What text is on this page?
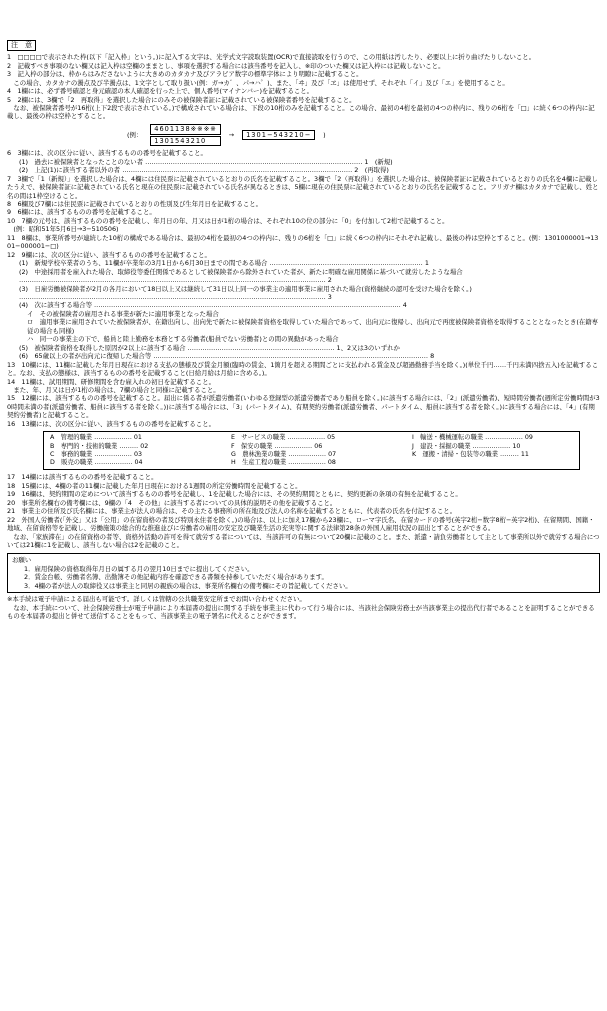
注　意

1　□□□□で表示された枠(以下「記入枠」という。)に記入する文字は、光学式文字読取装置(OCR)で直接読取を行うので、この用紙は汚したり、必要以上に折り曲げたりしないこと。

2　記載すべき事項のない欄又は記入枠は空欄のままとし、事項を選択する場合には該当番号を記入し、※印のついた欄又は記入枠には記載しないこと。

3　記入枠の部分は、枠からはみださないように大きめのカタカナ及びアラビア数字の標準字体により明瞭に記載すること。
　この場合、カタカナの濁点及び半濁点は、1文字として取り扱い(例：ガ→カ゛、パ→ハ゜)、また、「ヰ」及び「ヱ」は使用せず、それぞれ「イ」及び「エ」を使用すること。

4　1欄には、必ず番号確認と身元確認の本人確認を行った上で、個人番号(マイナンバー)を記載すること。

5　2欄には、3欄で「2　再取得」を選択した場合にのみその被保険者証に記載されている被保険者番号を記載すること。
　なお、被保険者番号が16桁(上下2段で表示されている。)で構成されている場合は、下段の10桁のみを記載すること。この場合、最初の4桁を最初の4つの枠内に、残りの6桁を「□」に続く6つの枠内に記載し、最後の枠は空枠とすること。

(例：
4601138※※※※
1301543210
→	1301−543210−	)

6　3欄には、次の区分に従い、該当するものの番号を記載すること。

(1)　過去に被保険者となったことのない者 ………………………………………………………………………………………… 1　(新規)

(2)　上記(1)に該当する者以外の者 ……………………………………………………………………………………………… 2　(再取得)

7　3欄で「1（新規）」を選択した場合は、4欄には住民票に記載されているとおりの氏名を記載すること。3欄で「2（再取得）」を選択した場合は、被保険者証に記載されているとおりの氏名を4欄に記載したうえで、被保険者証に記載されている氏名と現在の住民票に記載されている氏名が異なるときは、5欄に現在の住民票に記載されているとおりの氏名を記載すること。フリガナ欄はカタカナで記載し、姓と名の間は1枠空けること。

8　6欄及び7欄には住民票に記載されているとおりの性別及び生年月日を記載すること。

9　6欄には、該当するものの番号を記載すること。

10　7欄の元号は、該当するものの番号を記載し、年月日の年、月又は日が1桁の場合は、それぞれ10の位の部分に「0」を付加して2桁で記載すること。
　(例：昭和51年5月6日→3−510506)

11　8欄は、事業所番号が連続した10桁の構成である場合は、最初の4桁を最初の4つの枠内に、残りの6桁を「□」に続く6つの枠内にそれぞれ記載し、最後の枠は空枠とすること。(例：1301000001→1301−000001−□)

12　9欄には、次の区分に従い、該当するものの番号を記載すること。

(1)　新規学校卒業者のうち、11欄が卒業年の3月1日から6月30日までの間である場合 ……………………………………………………………… 1

(2)　中途採用者を雇入れた場合、取締役等委任関係であるとして被保険者から除外されていた者が、新たに明確な雇用関係に基づいて就労したような場合 ……………………………………………………………………………………………………………………………… 2

(3)　日雇労働被保険者が2月の各月において18日以上又は継続して31日以上同一の事業主の適用事業に雇用された場合(資格継続の認可を受けた場合を除く。) ……………………………………………………………………………………………………………………………… 3

(4)　次に該当する場合等 ……………………………………………………………………………………………………………………………… 4

イ　その被保険者の雇用される事業が新たに適用事業となった場合

ロ　適用事業に雇用されていた被保険者が、在籍出向し、出向先で新たに被保険者資格を取得していた場合であって、出向元に復帰し、出向元で再度被保険者資格を取得することとなったとき(在籍専従の場合も同様)

ハ　同一の事業主の下で、船員と陸上勤務を本務とする労働者(船員でない労働者)との間の異動があった場合

(5)　被保険者資格を取得した原因が2以上に該当する場合 …………………………………………………………… 1、2又は3のいずれか

(6)　65歳以上の者が出向元に復帰した場合等 ………………………………………………………………………………………………………………… 8

13　10欄には、11欄に記載した年月日現在における支払の態様及び賃金月額(臨時の賃金、1箇月を超える期間ごとに支払われる賃金及び超過勤務手当を除く。)(単位千円……千円未満四捨五入)を記載すること。なお、支払の態様は、該当するものの番号を記載すること(日給月給は月給に含める。)。

14　11欄は、試用期間、研修期間を含む雇入れの初日を記載すること。
　また、年、月又は日が1桁の場合は、7欄の場合と同様に記載すること。

15　12欄には、該当するものの番号を記載すること。届出に係る者が派遣労働者(いわゆる登録型の派遣労働者であり船員を除く。)に該当する場合には、「2」(派遣労働者)、短時間労働者(週所定労働時間が30時間未満の者(派遣労働者、船員に該当する者を除く。))に該当する場合には、「3」(パートタイム)、有期契約労働者(派遣労働者、パートタイム、船員に該当する者を除く。)に該当する場合には、「4」(有期契約労働者)と記載すること。

16　13欄には、次の区分に従い、該当するものの番号を記載すること。

A　 管理的職業 ……………… 01	E　 サービスの職業 ……………… 05	I　 輸送・機械運転の職業 ……………… 09
B　 専門的・技術的職業 ……… 02	F　 保安の職業 ……………… 06	J　 建設・採掘の職業 ……………… 10
C　 事務的職業 ……………… 03	G　 農林漁業の職業 ……………… 07	K　 運搬・清掃・包装等の職業 ……… 11
D　 販売の職業 ……………… 04	H　 生産工程の職業 ……………… 08

17　14欄には該当するものの番号を記載すること。

18　15欄には、4欄の者の11欄に記載した年月日現在における1週間の所定労働時間を記載すること。

19　16欄は、契約期間の定めについて該当するものの番号を記載し、1を記載した場合には、その契約期間とともに、契約更新の条項の有無を記載すること。

20　事業所名欄右の備考欄には、9欄の「4　その他」に該当する者についての具体的説明その他を記載すること。

21　事業主の住所及び氏名欄には、事業主が法人の場合は、その主たる事務所の所在地及び法人の名称を記載するとともに、代表者の氏名を付記すること。

22　外国人労働者(「外交」又は「公用」の在留資格の者及び特別永住者を除く。)の場合は、以上に加え17欄から23欄に、ローマ字氏名、在留カードの番号(英字2桁−数字8桁−英字2桁)、在留期間、国籍・地域、在留資格等を記載し、労働施策の総合的な推進並びに労働者の雇用の安定及び職業生活の充実等に関する法律第28条の外国人雇用状況の届出とすることができる。
　なお、「家族滞在」の在留資格の者等、資格外活動の許可を得て就労する者については、当該許可の有無について20欄に記載のこと。また、派遣・請負労働者として主として事業所以外で就労する場合については21欄に1を記載し、該当しない場合は2を記載のこと。

お願い

1．雇用保険の資格取得年月日の属する月の翌月10日までに提出してください。

2．賃金台帳、労働者名簿、出勤簿その他記載内容を確認できる書類を持参していただく場合があります。

3．4欄の者が法人の取締役又は事業主と同居の親族の場合は、事業所名欄右の備考欄にその旨記載してください。

※本手続は電子申請による届出も可能です。詳しくは管轄の公共職業安定所までお問い合わせください。
　なお、本手続について、社会保険労務士が電子申請により本届書の提出に関する手続を事業主に代わって行う場合には、当該社会保険労務士が当該事業主の提出代行者であることを証明することができるものを本届書の提出と併せて送信することをもって、当該事業主の電子署名に代えることができます。
